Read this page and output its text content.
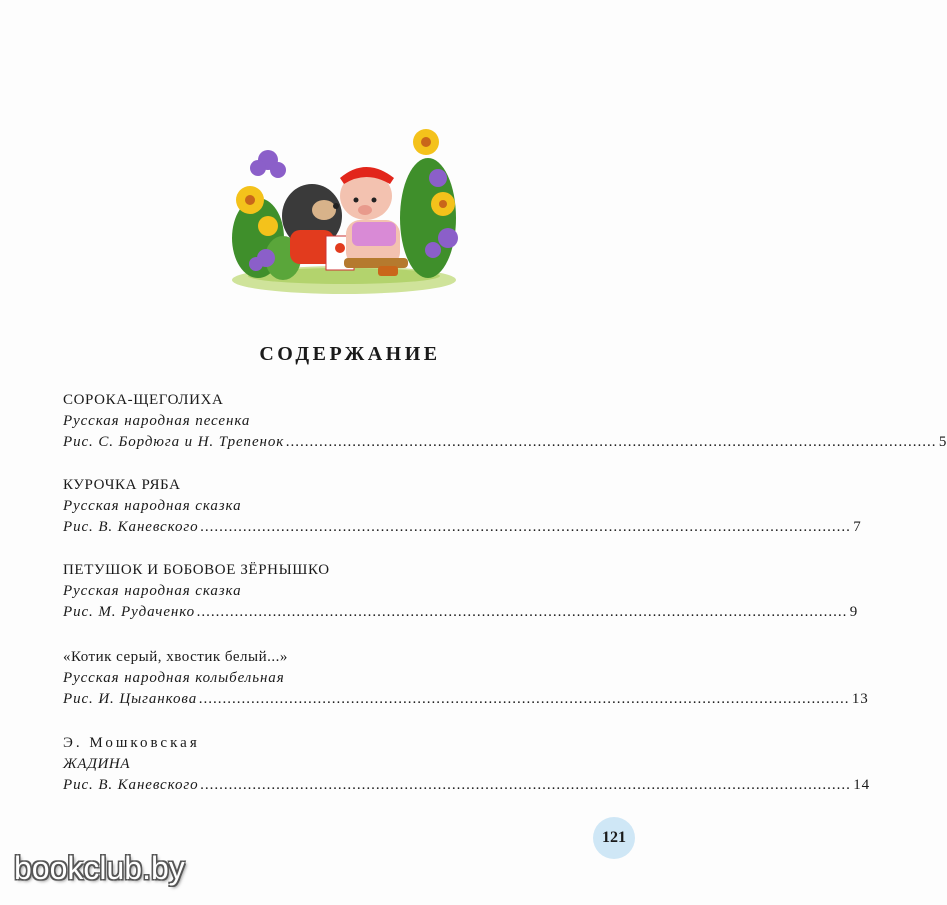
СОДЕРЖАНИЕ
СОРОКА-ЩЕГОЛИХА
Русская народная песенка
Рис. С. Бордюга и Н. Трепенок ......................................................................................................................................... 5
КУРОЧКА РЯБА
Русская народная сказка
Рис. В. Каневского ......................................................................................................................................... 7
ПЕТУШОК И БОБОВОЕ ЗЁРНЫШКО
Русская народная сказка
Рис. М. Рудаченко ......................................................................................................................................... 9
«Котик серый, хвостик белый...»
Русская народная колыбельная
Рис. И. Цыганкова ......................................................................................................................................... 13
Э. Мошковская
ЖАДИНА
Рис. В. Каневского ......................................................................................................................................... 14
121
bookclub.by
